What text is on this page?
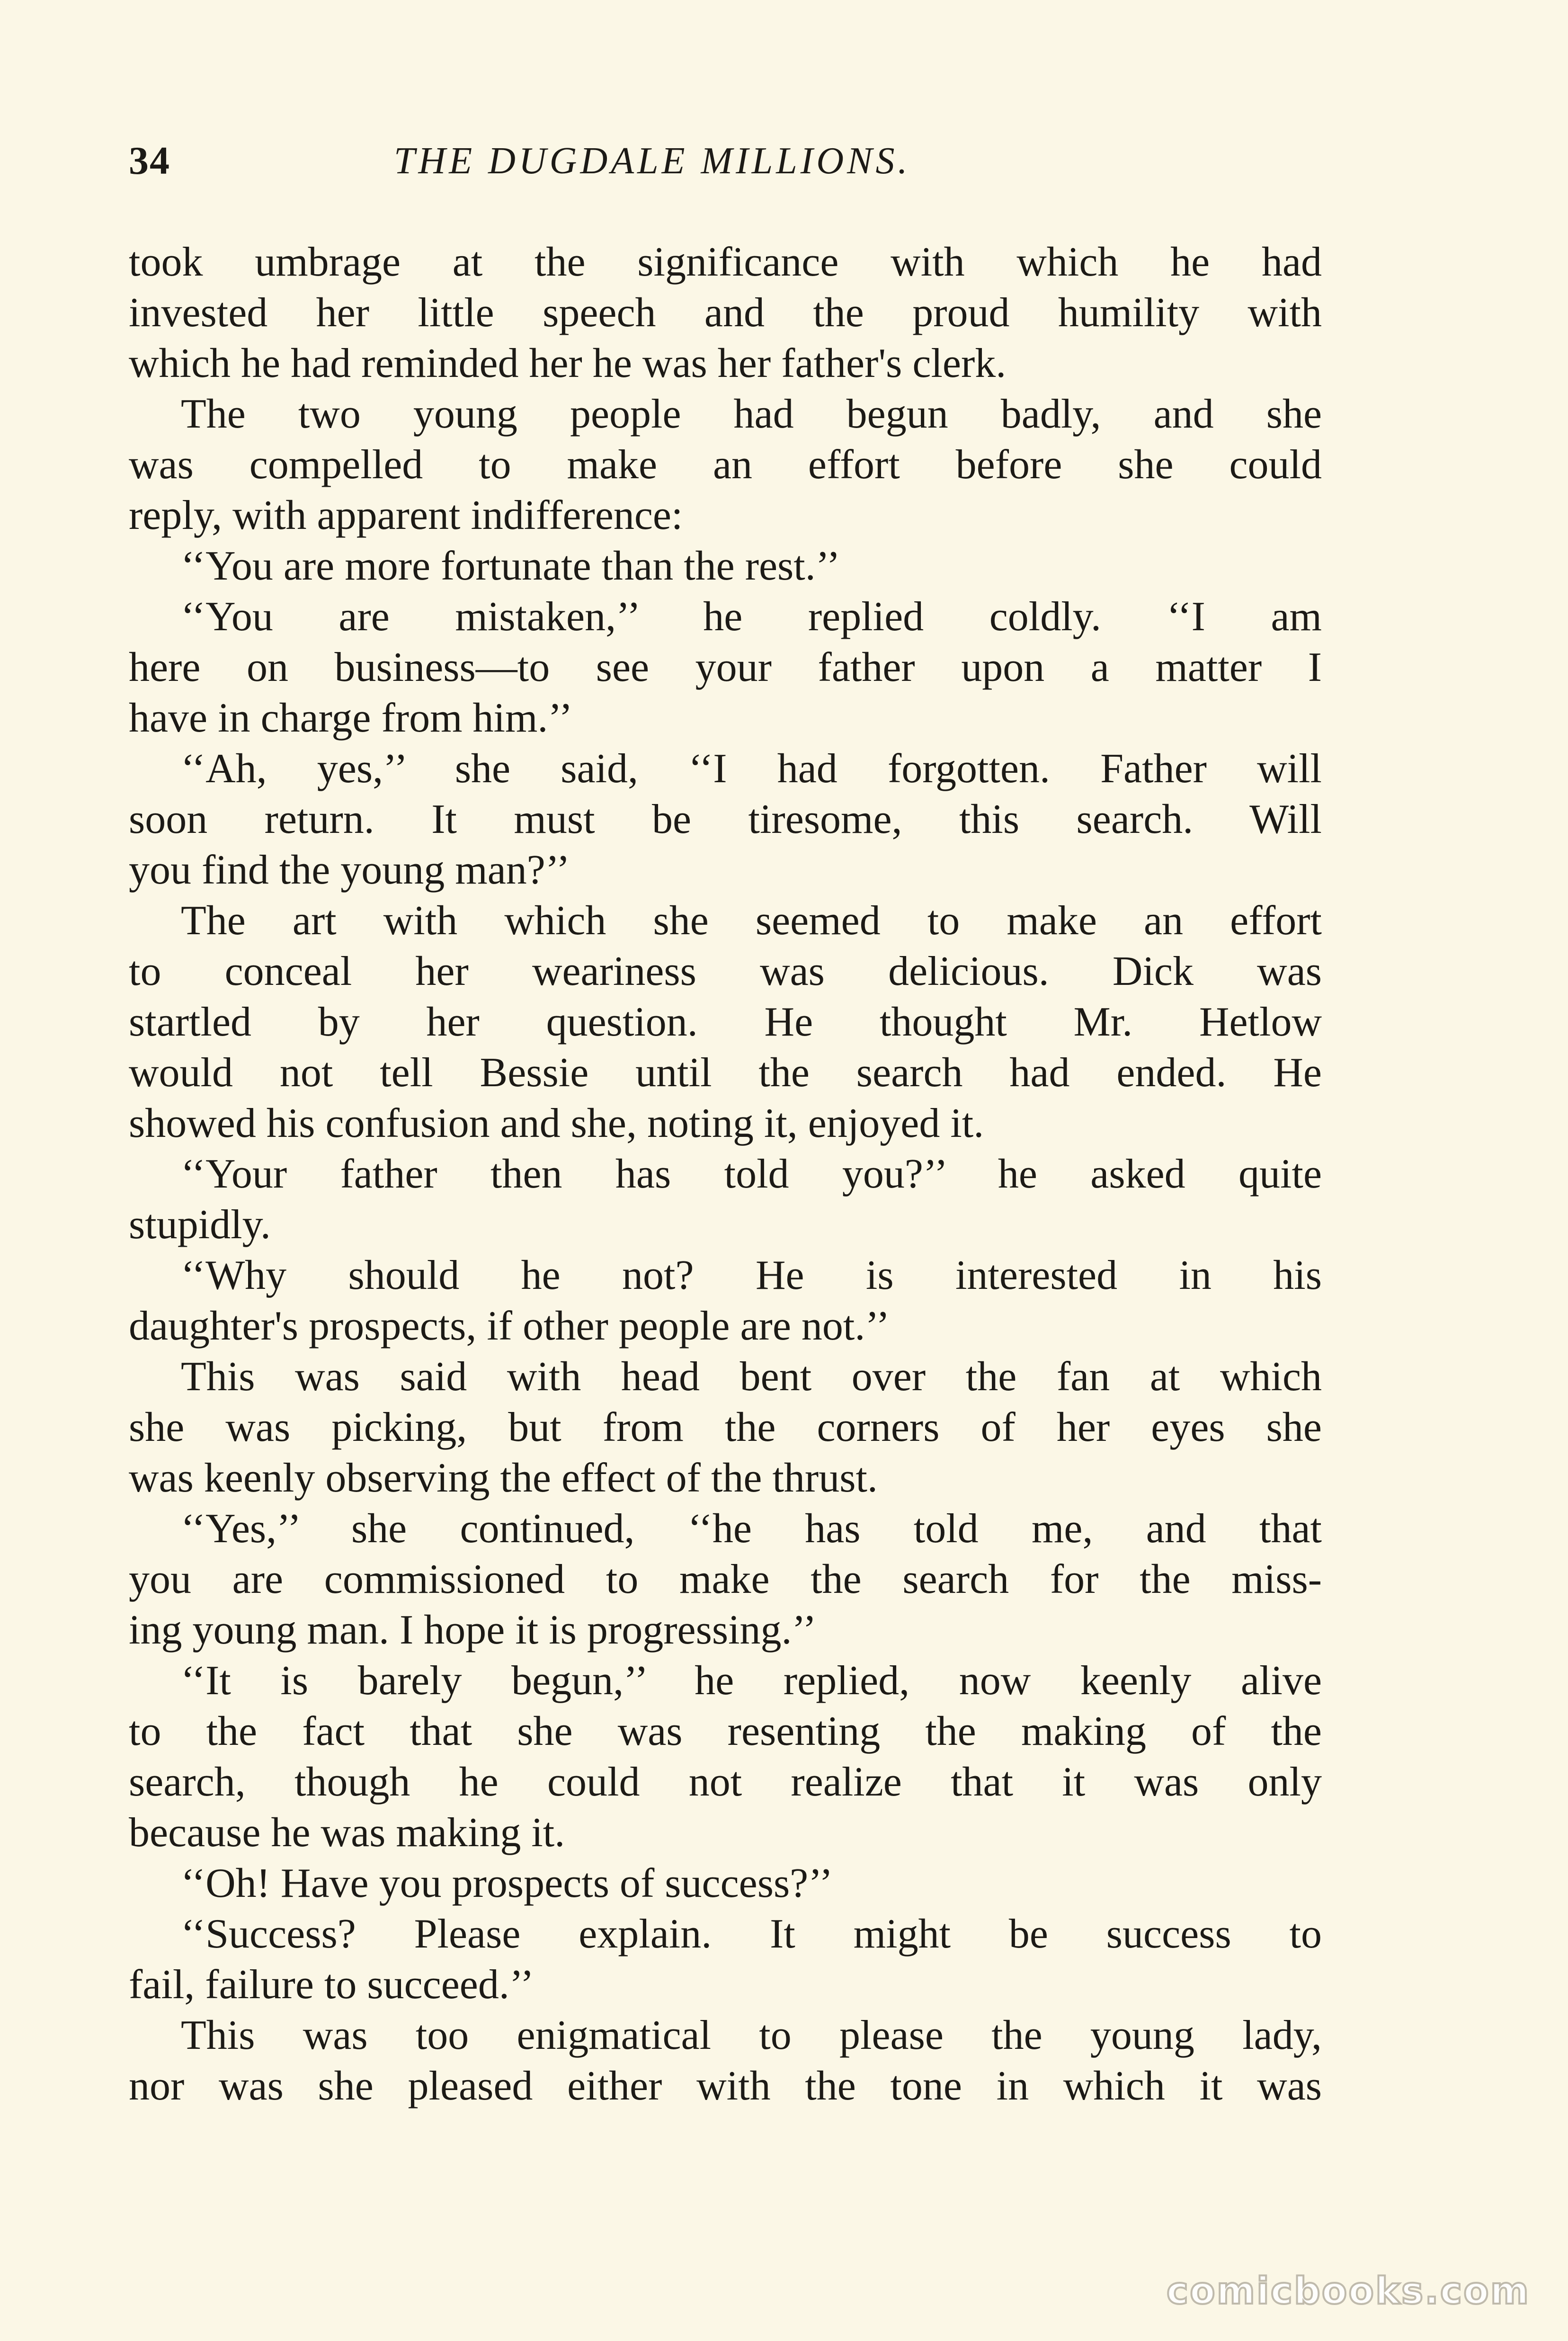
34	THE DUGDALE MILLIONS.

took umbrage at the significance with which he had

invested her little speech and the proud humility with

which he had reminded her he was her father's clerk.

The two young people had begun badly, and she

was compelled to make an effort before she could

reply, with apparent indifference:

‘‘You are more fortunate than the rest.’’

‘‘You are mistaken,’’ he replied coldly. ‘‘I am

here on business—to see your father upon a matter I

have in charge from him.’’

‘‘Ah, yes,’’ she said, ‘‘I had forgotten. Father will

soon return. It must be tiresome, this search. Will

you find the young man?’’

The art with which she seemed to make an effort

to conceal her weariness was delicious. Dick was

startled by her question. He thought Mr. Hetlow

would not tell Bessie until the search had ended. He

showed his confusion and she, noting it, enjoyed it.

‘‘Your father then has told you?’’ he asked quite

stupidly.

‘‘Why should he not? He is interested in his

daughter's prospects, if other people are not.’’

This was said with head bent over the fan at which

she was picking, but from the corners of her eyes she

was keenly observing the effect of the thrust.

‘‘Yes,’’ she continued, ‘‘he has told me, and that

you are commissioned to make the search for the miss-

ing young man. I hope it is progressing.’’

‘‘It is barely begun,’’ he replied, now keenly alive

to the fact that she was resenting the making of the

search, though he could not realize that it was only

because he was making it.

‘‘Oh! Have you prospects of success?’’

‘‘Success? Please explain. It might be success to

fail, failure to succeed.’’

This was too enigmatical to please the young lady,

nor was she pleased either with the tone in which it was

comicbooks.com
